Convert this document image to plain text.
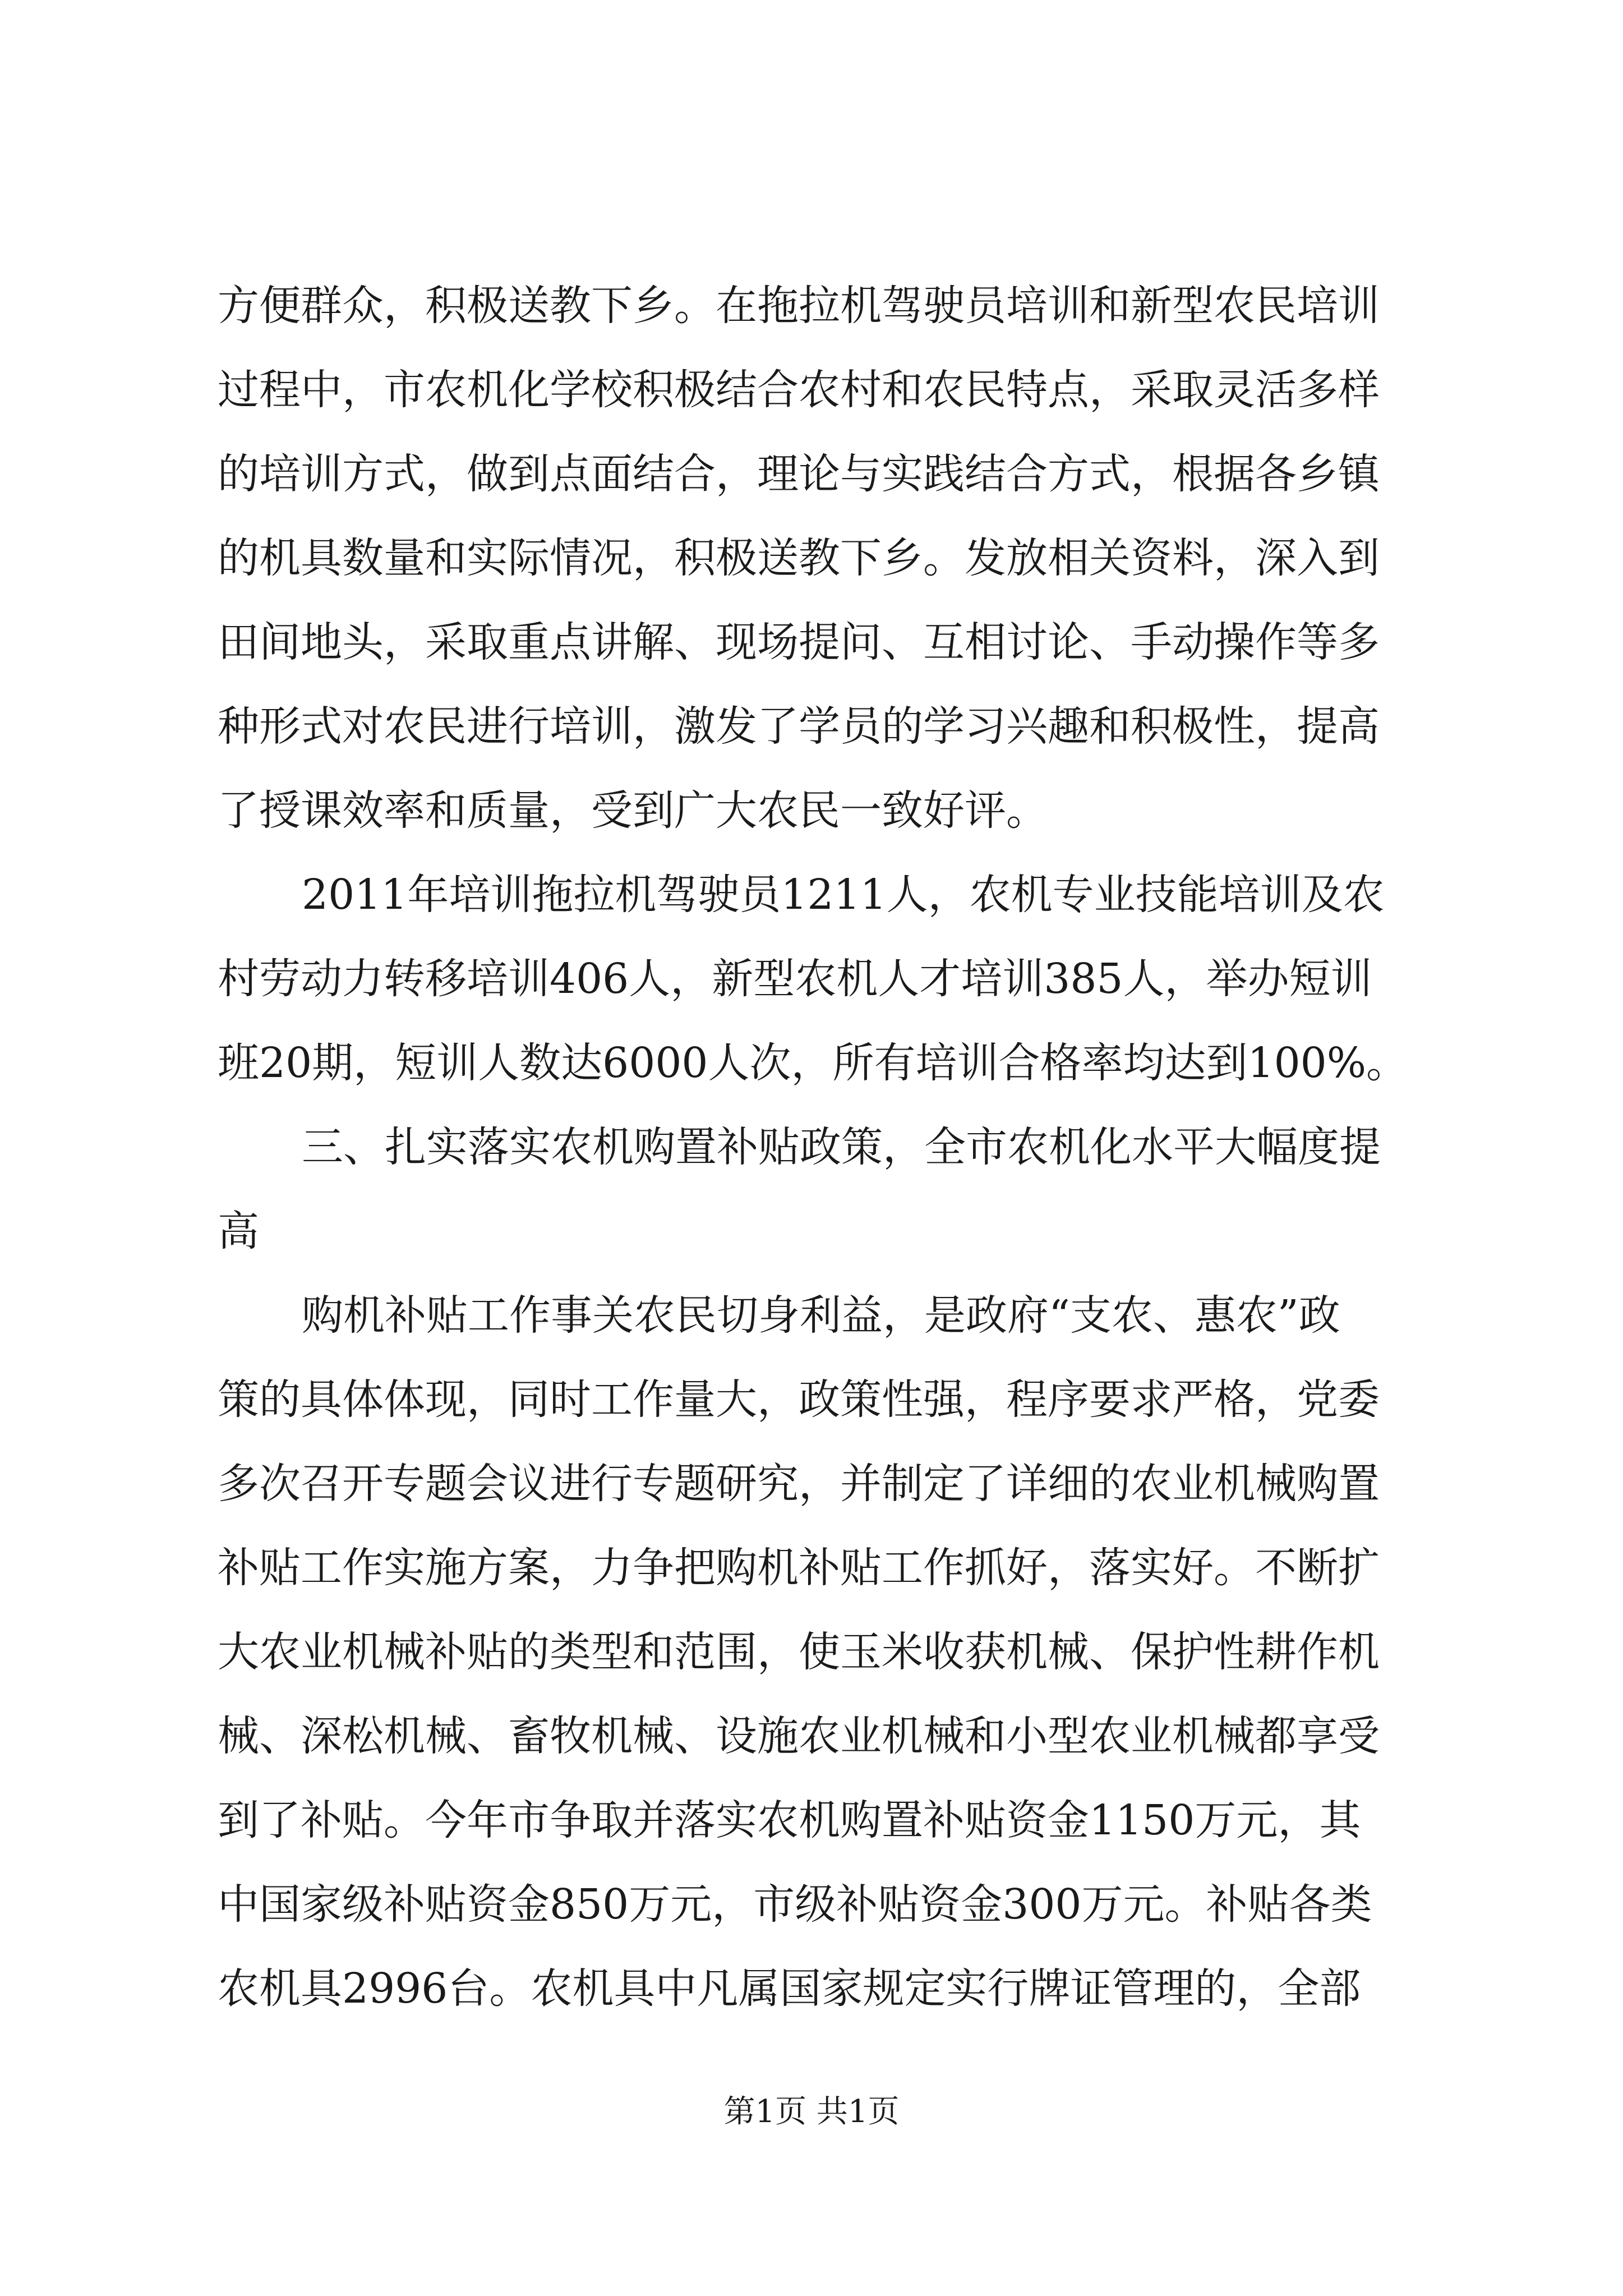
方便群众，积极送教下乡。在拖拉机驾驶员培训和新型农民培训
过程中，市农机化学校积极结合农村和农民特点，采取灵活多样
的培训方式，做到点面结合，理论与实践结合方式，根据各乡镇
的机具数量和实际情况，积极送教下乡。发放相关资料，深入到
田间地头，采取重点讲解、现场提问、互相讨论、手动操作等多
种形式对农民进行培训，激发了学员的学习兴趣和积极性，提高
了授课效率和质量，受到广大农民一致好评。
2011年培训拖拉机驾驶员1211人，农机专业技能培训及农
村劳动力转移培训406人，新型农机人才培训385人，举办短训
班20期，短训人数达6000人次，所有培训合格率均达到100%。
三、扎实落实农机购置补贴政策，全市农机化水平大幅度提
高
购机补贴工作事关农民切身利益，是政府“支农、惠农”政
策的具体体现，同时工作量大，政策性强，程序要求严格，党委
多次召开专题会议进行专题研究，并制定了详细的农业机械购置
补贴工作实施方案，力争把购机补贴工作抓好，落实好。不断扩
大农业机械补贴的类型和范围，使玉米收获机械、保护性耕作机
械、深松机械、畜牧机械、设施农业机械和小型农业机械都享受
到了补贴。今年市争取并落实农机购置补贴资金1150万元，其
中国家级补贴资金850万元，市级补贴资金300万元。补贴各类
农机具2996台。农机具中凡属国家规定实行牌证管理的，全部
第1页 共1页
